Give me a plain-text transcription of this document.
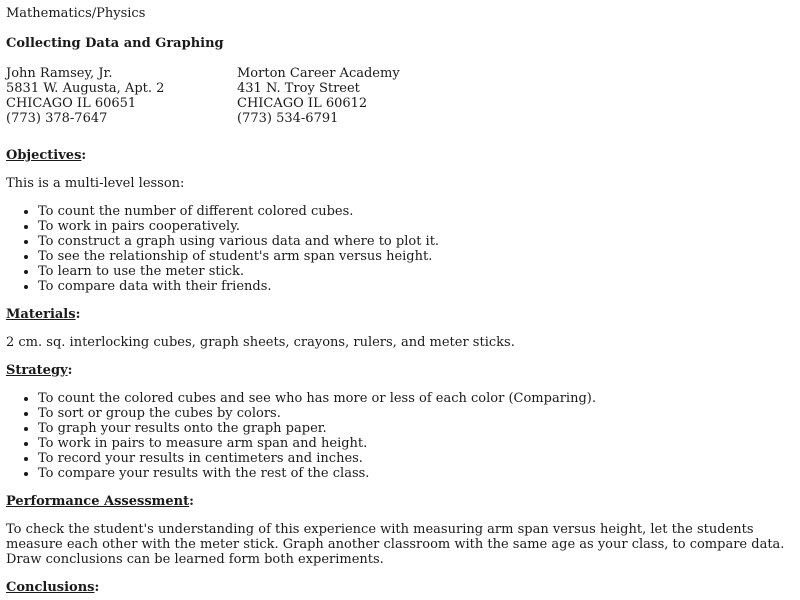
Mathematics/Physics
Collecting Data and Graphing
John Ramsey, Jr.
5831 W. Augusta, Apt. 2
CHICAGO IL 60651
(773) 378-7647
Morton Career Academy
431 N. Troy Street
CHICAGO IL 60612
(773) 534-6791
Objectives:

This is a multi-level lesson:

• To count the number of different colored cubes.
• To work in pairs cooperatively.
• To construct a graph using various data and where to plot it.
• To see the relationship of student's arm span versus height.
• To learn to use the meter stick.
• To compare data with their friends.
Materials:

2 cm. sq. interlocking cubes, graph sheets, crayons, rulers, and meter sticks.

Strategy:
• To count the colored cubes and see who has more or less of each color (Comparing).
• To sort or group the cubes by colors.
• To graph your results onto the graph paper.
• To work in pairs to measure arm span and height.
• To record your results in centimeters and inches.
• To compare your results with the rest of the class.
Performance Assessment:

To check the student's understanding of this experience with measuring arm span versus height, let the students measure each other with the meter stick. Graph another classroom with the same age as your class, to compare data. Draw conclusions can be learned form both experiments.

Conclusions:
